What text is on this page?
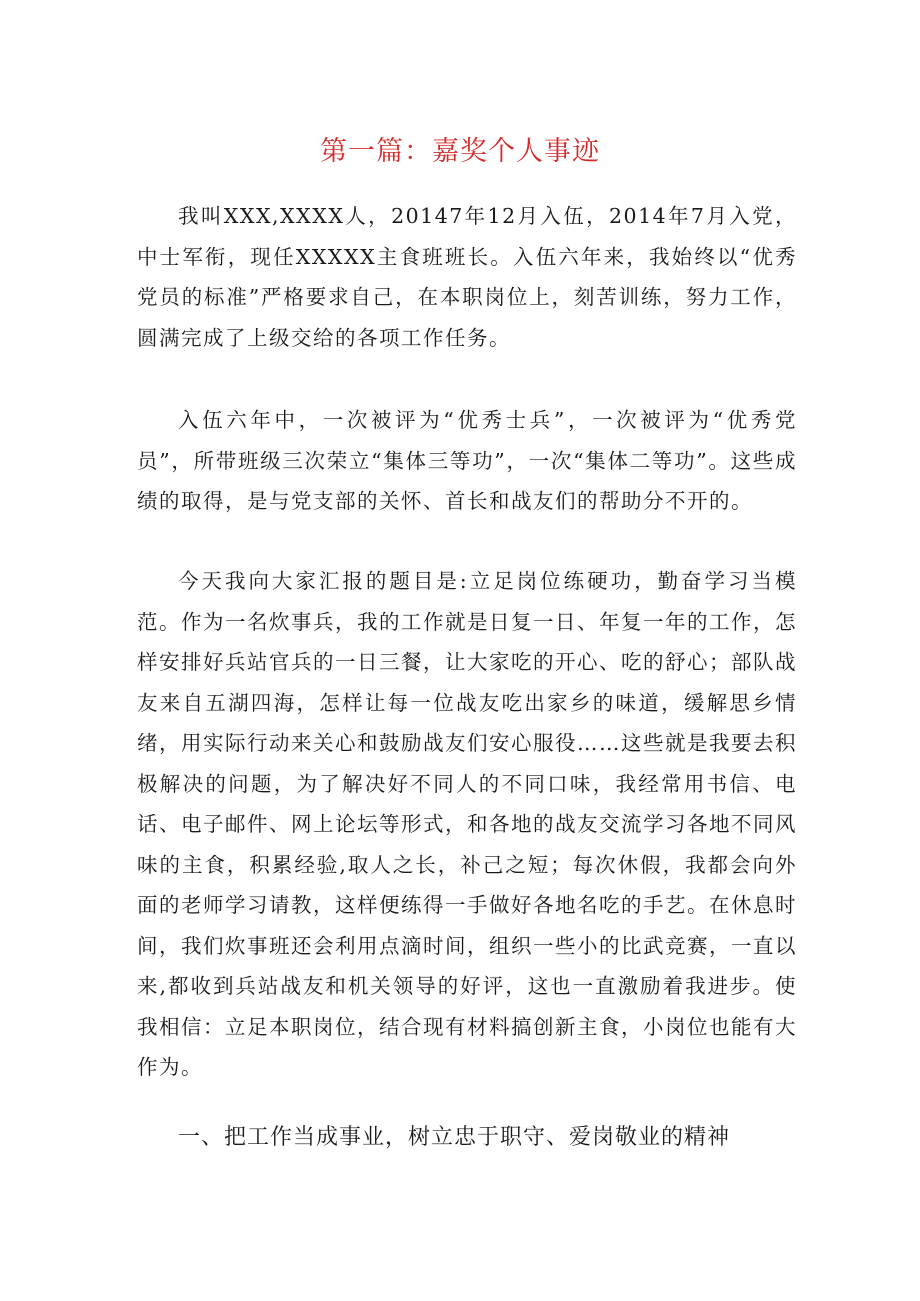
第一篇：嘉奖个人事迹

我叫XXX,XXXX人，20147年12月入伍，2014年7月入党，中士军衔，现任XXXXX主食班班长。入伍六年来，我始终以“优秀党员的标准”严格要求自己，在本职岗位上，刻苦训练，努力工作，圆满完成了上级交给的各项工作任务。

入伍六年中，一次被评为“优秀士兵”，一次被评为“优秀党员”，所带班级三次荣立“集体三等功”，一次“集体二等功”。这些成绩的取得，是与党支部的关怀、首长和战友们的帮助分不开的。

今天我向大家汇报的题目是:立足岗位练硬功，勤奋学习当模范。作为一名炊事兵，我的工作就是日复一日、年复一年的工作，怎样安排好兵站官兵的一日三餐，让大家吃的开心、吃的舒心；部队战友来自五湖四海，怎样让每一位战友吃出家乡的味道，缓解思乡情绪，用实际行动来关心和鼓励战友们安心服役……这些就是我要去积极解决的问题，为了解决好不同人的不同口味，我经常用书信、电话、电子邮件、网上论坛等形式，和各地的战友交流学习各地不同风味的主食，积累经验,取人之长，补己之短；每次休假，我都会向外面的老师学习请教，这样便练得一手做好各地名吃的手艺。在休息时间，我们炊事班还会利用点滴时间，组织一些小的比武竞赛，一直以来,都收到兵站战友和机关领导的好评，这也一直激励着我进步。使我相信：立足本职岗位，结合现有材料搞创新主食，小岗位也能有大作为。

一、把工作当成事业，树立忠于职守、爱岗敬业的精神
